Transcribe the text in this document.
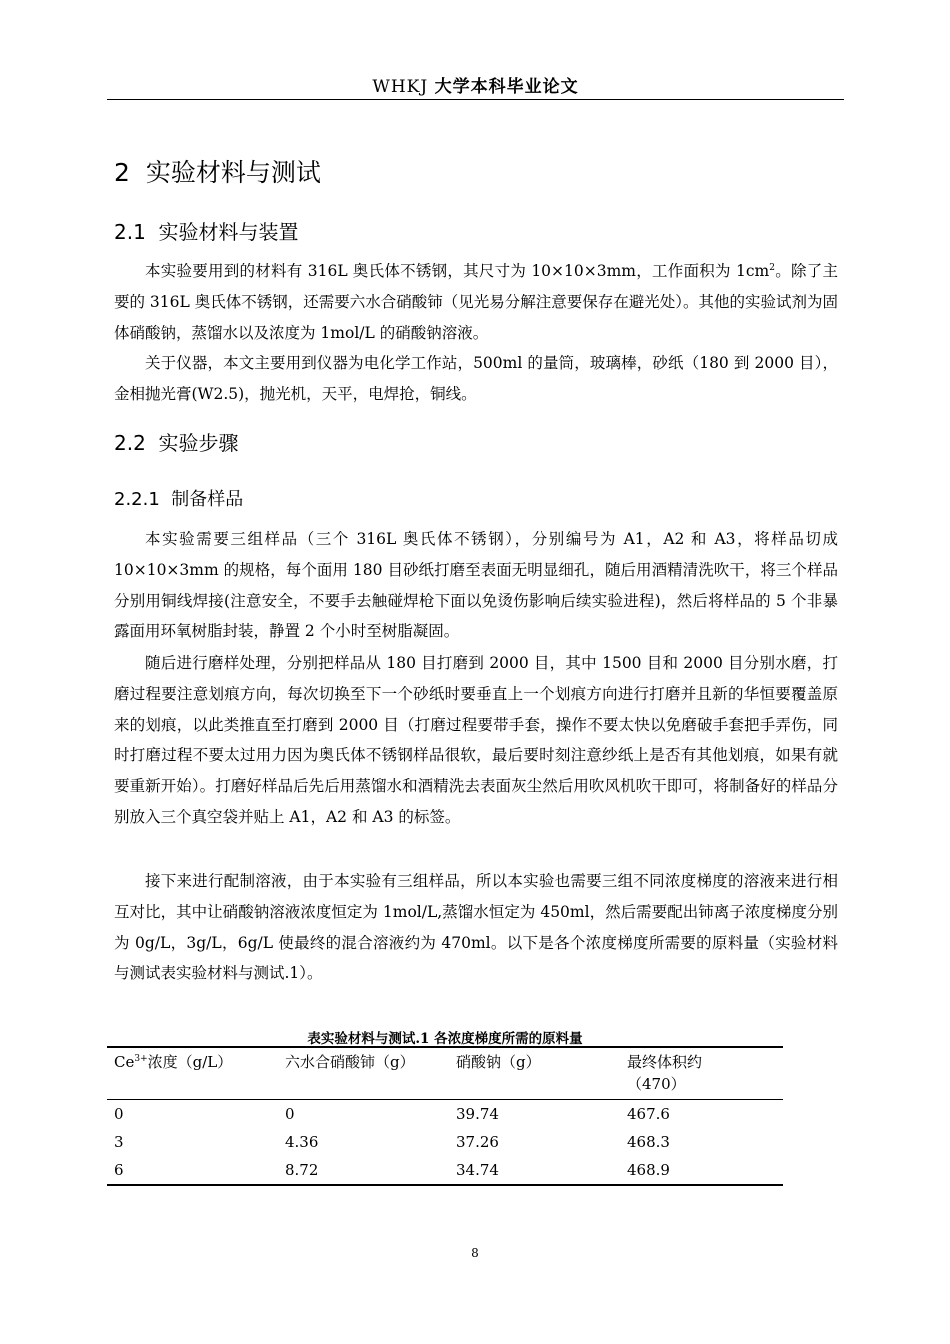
WHKJ 大学本科毕业论文
2 实验材料与测试
2.1 实验材料与装置
本实验要用到的材料有 316L 奥氏体不锈钢，其尺寸为 10×10×3mm，工作面积为 $1cm^2$。除了主要的 316L 奥氏体不锈钢，还需要六水合硝酸铈（见光易分解注意要保存在避光处）。其他的实验试剂为固体硝酸钠，蒸馏水以及浓度为 1mol/L 的硝酸钠溶液。
关于仪器，本文主要用到仪器为电化学工作站，500ml 的量筒，玻璃棒，砂纸（180 到 2000 目），金相抛光膏(W2.5)，抛光机，天平，电焊抢，铜线。
2.2 实验步骤
2.2.1 制备样品
本实验需要三组样品（三个 316L 奥氏体不锈钢），分别编号为 A1，A2 和 A3，将样品切成 10×10×3mm 的规格，每个面用 180 目砂纸打磨至表面无明显细孔，随后用酒精清洗吹干，将三个样品分别用铜线焊接(注意安全，不要手去触碰焊枪下面以免烫伤影响后续实验进程)，然后将样品的 5 个非暴露面用环氧树脂封装，静置 2 个小时至树脂凝固。
随后进行磨样处理，分别把样品从 180 目打磨到 2000 目，其中 1500 目和 2000 目分别水磨，打磨过程要注意划痕方向，每次切换至下一个砂纸时要垂直上一个划痕方向进行打磨并且新的华恒要覆盖原来的划痕，以此类推直至打磨到 2000 目（打磨过程要带手套，操作不要太快以免磨破手套把手弄伤，同时打磨过程不要太过用力因为奥氏体不锈钢样品很软，最后要时刻注意纱纸上是否有其他划痕，如果有就要重新开始）。打磨好样品后先后用蒸馏水和酒精洗去表面灰尘然后用吹风机吹干即可，将制备好的样品分别放入三个真空袋并贴上 A1，A2 和 A3 的标签。
接下来进行配制溶液，由于本实验有三组样品，所以本实验也需要三组不同浓度梯度的溶液来进行相互对比，其中让硝酸钠溶液浓度恒定为 1mol/L,蒸馏水恒定为 450ml，然后需要配出铈离子浓度梯度分别为 0g/L，3g/L，6g/L 使最终的混合溶液约为 470ml。以下是各个浓度梯度所需要的原料量（实验材料与测试表实验材料与测试.1）。
表实验材料与测试.1 各浓度梯度所需的原料量
$Ce^{3+}$浓度（g/L）	六水合硝酸铈（g）	硝酸钠（g）	最终体积约
（470）

0	0	39.74	467.6
3	4.36	37.26	468.3
6	8.72	34.74	468.9
8
